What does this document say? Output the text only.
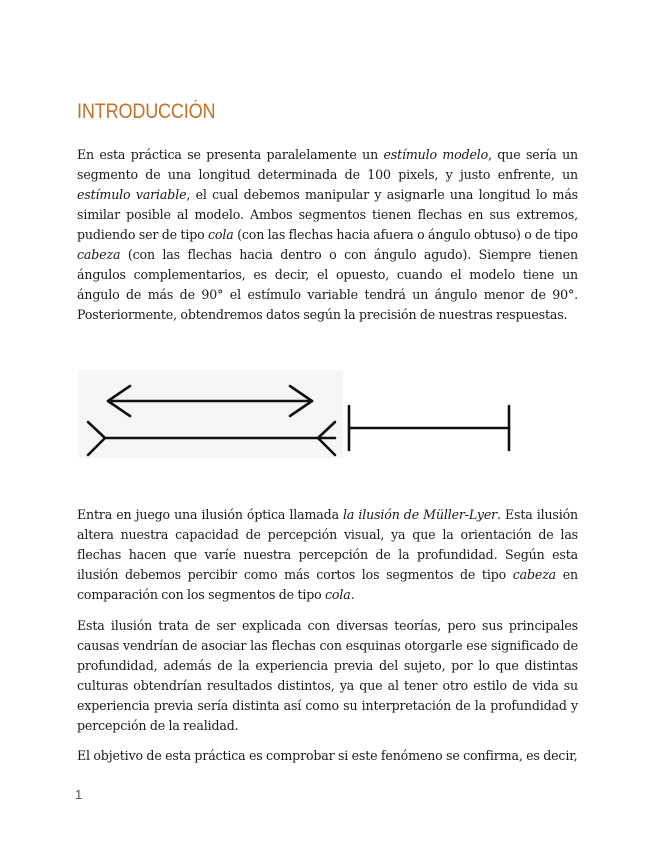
INTRODUCCIÓN

En esta práctica se presenta paralelamente un estímulo modelo, que sería un segmento de una longitud determinada de 100 pixels, y justo enfrente, un estímulo variable, el cual debemos manipular y asignarle una longitud lo más similar posible al modelo. Ambos segmentos tienen flechas en sus extremos, pudiendo ser de tipo cola (con las flechas hacia afuera o ángulo obtuso) o de tipo cabeza (con las flechas hacia dentro o con ángulo agudo). Siempre tienen ángulos complementarios, es decir, el opuesto, cuando el modelo tiene un ángulo de más de 90° el estímulo variable tendrá un ángulo menor de 90°. Posteriormente, obtendremos datos según la precisión de nuestras respuestas.

Entra en juego una ilusión óptica llamada la ilusión de Müller-Lyer. Esta ilusión altera nuestra capacidad de percepción visual, ya que la orientación de las flechas hacen que varíe nuestra percepción de la profundidad. Según esta ilusión debemos percibir como más cortos los segmentos de tipo cabeza en comparación con los segmentos de tipo cola.

Esta ilusión trata de ser explicada con diversas teorías, pero sus principales causas vendrían de asociar las flechas con esquinas otorgarle ese significado de profundidad, además de la experiencia previa del sujeto, por lo que distintas culturas obtendrían resultados distintos, ya que al tener otro estilo de vida su experiencia previa sería distinta así como su interpretación de la profundidad y percepción de la realidad.

El objetivo de esta práctica es comprobar si este fenómeno se confirma, es decir,

1
